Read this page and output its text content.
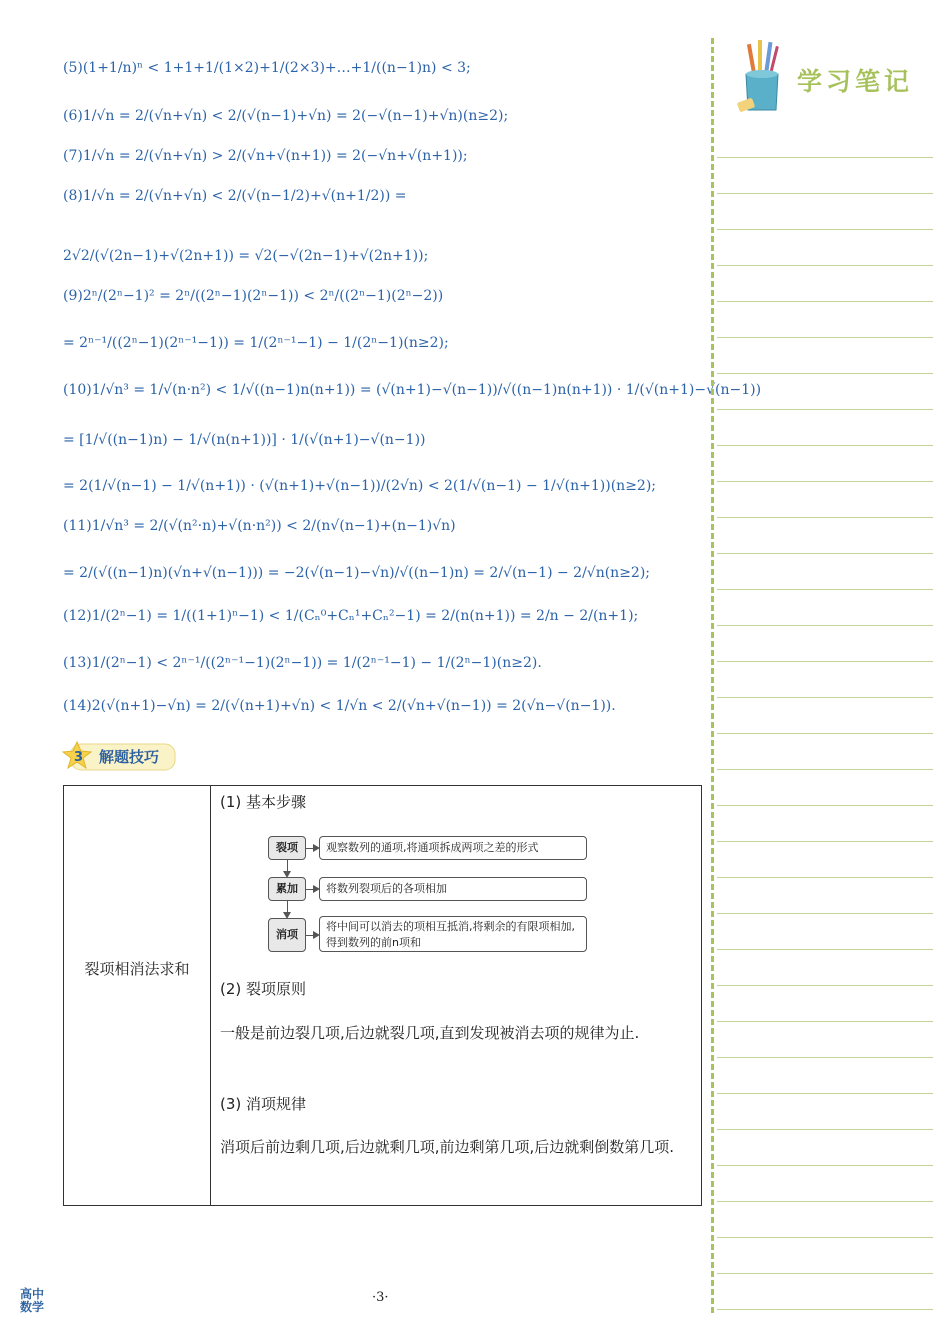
(5)(1+1/n)ⁿ < 1+1+1/(1×2)+1/(2×3)+…+1/((n−1)n) < 3;
(6)1/√n = 2/(√n+√n) < 2/(√(n−1)+√n) = 2(−√(n−1)+√n)(n≥2);
(7)1/√n = 2/(√n+√n) > 2/(√n+√(n+1)) = 2(−√n+√(n+1));
(8)1/√n = 2/(√n+√n) < 2/(√(n−1/2)+√(n+1/2)) =
2√2/(√(2n−1)+√(2n+1)) = √2(−√(2n−1)+√(2n+1));
(9)2ⁿ/(2ⁿ−1)² = 2ⁿ/((2ⁿ−1)(2ⁿ−1)) < 2ⁿ/((2ⁿ−1)(2ⁿ−2))
= 2ⁿ⁻¹/((2ⁿ−1)(2ⁿ⁻¹−1)) = 1/(2ⁿ⁻¹−1) − 1/(2ⁿ−1)(n≥2);
(10)1/√n³ = 1/√(n·n²) < 1/√((n−1)n(n+1)) = (√(n+1)−√(n−1))/√((n−1)n(n+1)) · 1/(√(n+1)−√(n−1))
= [1/√((n−1)n) − 1/√(n(n+1))] · 1/(√(n+1)−√(n−1))
= 2(1/√(n−1) − 1/√(n+1)) · (√(n+1)+√(n−1))/(2√n) < 2(1/√(n−1) − 1/√(n+1))(n≥2);
(11)1/√n³ = 2/(√(n²·n)+√(n·n²)) < 2/(n√(n−1)+(n−1)√n)
= 2/(√((n−1)n)(√n+√(n−1))) = −2(√(n−1)−√n)/√((n−1)n) = 2/√(n−1) − 2/√n(n≥2);
(12)1/(2ⁿ−1) = 1/((1+1)ⁿ−1) < 1/(Cₙ⁰+Cₙ¹+Cₙ²−1) = 2/(n(n+1)) = 2/n − 2/(n+1);
(13)1/(2ⁿ−1) < 2ⁿ⁻¹/((2ⁿ⁻¹−1)(2ⁿ−1)) = 1/(2ⁿ⁻¹−1) − 1/(2ⁿ−1)(n≥2).
(14)2(√(n+1)−√n) = 2/(√(n+1)+√n) < 1/√n < 2/(√n+√(n−1)) = 2(√n−√(n−1)).
学习笔记
3 解题技巧
裂项相消法求和
(1) 基本步骤
裂项	观察数列的通项,将通项拆成两项之差的形式
累加	将数列裂项后的各项相加
消项
将中间可以消去的项相互抵消,将剩余的有限项相加,得到数列的前n项和
(2) 裂项原则
一般是前边裂几项,后边就裂几项,直到发现被消去项的规律为止.
(3) 消项规律
消项后前边剩几项,后边就剩几项,前边剩第几项,后边就剩倒数第几项.
·3·
高中
数学
